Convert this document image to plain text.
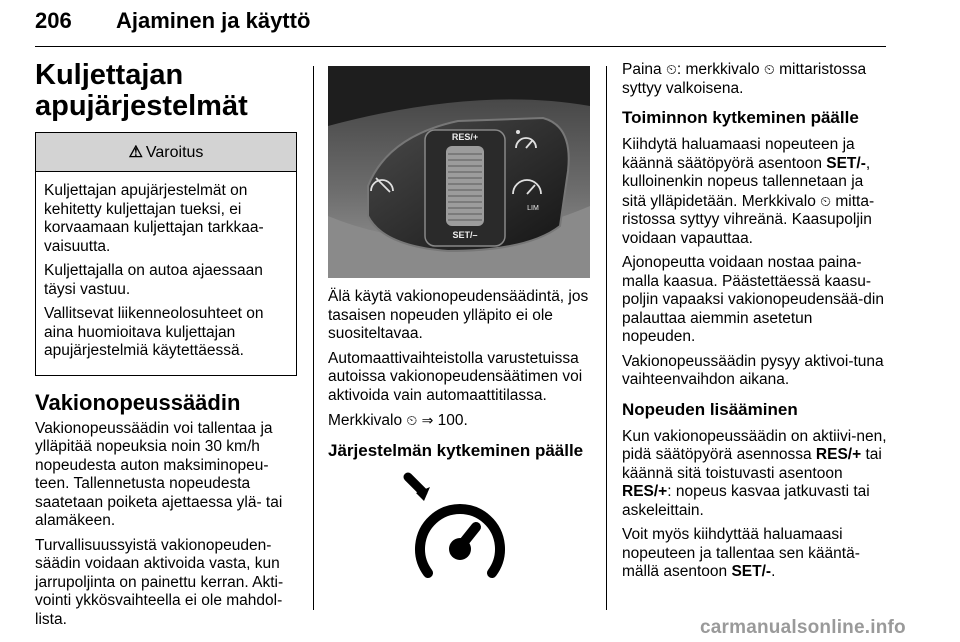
206 Ajaminen ja käyttö
Kuljettajan apujärjestelmät
⚠ Varoitus

Kuljettajan apujärjestelmät on kehitetty kuljettajan tueksi, ei korvaamaan kuljettajan tarkkaa-vaisuutta.

Kuljettajalla on autoa ajaessaan täysi vastuu.

Vallitsevat liikenneolosuhteet on aina huomioitava kuljettajan apujärjestelmiä käytettäessä.

Vakionopeussäädin

Vakionopeussäädin voi tallentaa ja ylläpitää nopeuksia noin 30 km/h nopeudesta auton maksiminopeu-teen. Tallennetusta nopeudesta saatetaan poiketa ajettaessa ylä- tai alamäkeen.

Turvallisuussyistä vakionopeuden-säädin voidaan aktivoida vasta, kun jarrupoljinta on painettu kerran. Akti-vointi ykkösvaihteella ei ole mahdol-lista.

RES/+
SET/–
LIM

Älä käytä vakionopeudensäädintä, jos tasaisen nopeuden ylläpito ei ole suositeltavaa.

Automaattivaihteistolla varustetuissa autoissa vakionopeudensäätimen voi aktivoida vain automaattitilassa.

Merkkivalo ⏲ ⇒ 100.

Järjestelmän kytkeminen päälle

Paina ⏲: merkkivalo ⏲ mittaristossa syttyy valkoisena.

Toiminnon kytkeminen päälle

Kiihdytä haluamaasi nopeuteen ja käännä säätöpyörä asentoon SET/-, kulloinenkin nopeus tallennetaan ja sitä ylläpidetään. Merkkivalo ⏲ mitta-ristossa syttyy vihreänä. Kaasupoljin voidaan vapauttaa.

Ajonopeutta voidaan nostaa paina-malla kaasua. Päästettäessä kaasu-poljin vapaaksi vakionopeudensää-din palauttaa aiemmin asetetun nopeuden.

Vakionopeussäädin pysyy aktivoi-tuna vaihteenvaihdon aikana.

Nopeuden lisääminen

Kun vakionopeussäädin on aktiivi-nen, pidä säätöpyörä asennossa RES/+ tai käännä sitä toistuvasti asentoon RES/+: nopeus kasvaa jatkuvasti tai askeleittain.

Voit myös kiihdyttää haluamaasi nopeuteen ja tallentaa sen kääntä-mällä asentoon SET/-.

carmanualsonline.info
